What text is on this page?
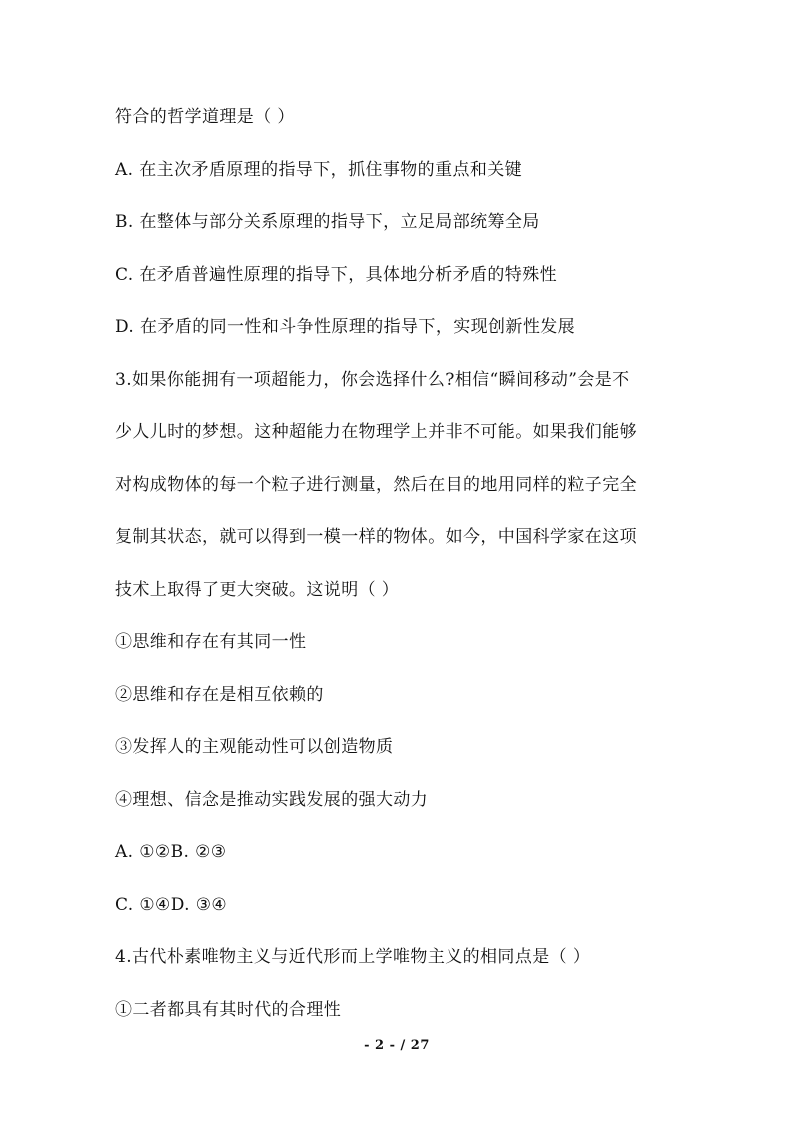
符合的哲学道理是（ ）
A. 在主次矛盾原理的指导下，抓住事物的重点和关键
B. 在整体与部分关系原理的指导下，立足局部统筹全局
C. 在矛盾普遍性原理的指导下，具体地分析矛盾的特殊性
D. 在矛盾的同一性和斗争性原理的指导下，实现创新性发展
3.如果你能拥有一项超能力，你会选择什么?相信“瞬间移动”会是不
少人儿时的梦想。这种超能力在物理学上并非不可能。如果我们能够
对构成物体的每一个粒子进行测量，然后在目的地用同样的粒子完全
复制其状态，就可以得到一模一样的物体。如今，中国科学家在这项
技术上取得了更大突破。这说明（ ）
①思维和存在有其同一性
②思维和存在是相互依赖的
③发挥人的主观能动性可以创造物质
④理想、信念是推动实践发展的强大动力
A. ①②B. ②③
C. ①④D. ③④
4.古代朴素唯物主义与近代形而上学唯物主义的相同点是（ ）
- 2 - / 27
①二者都具有其时代的合理性
